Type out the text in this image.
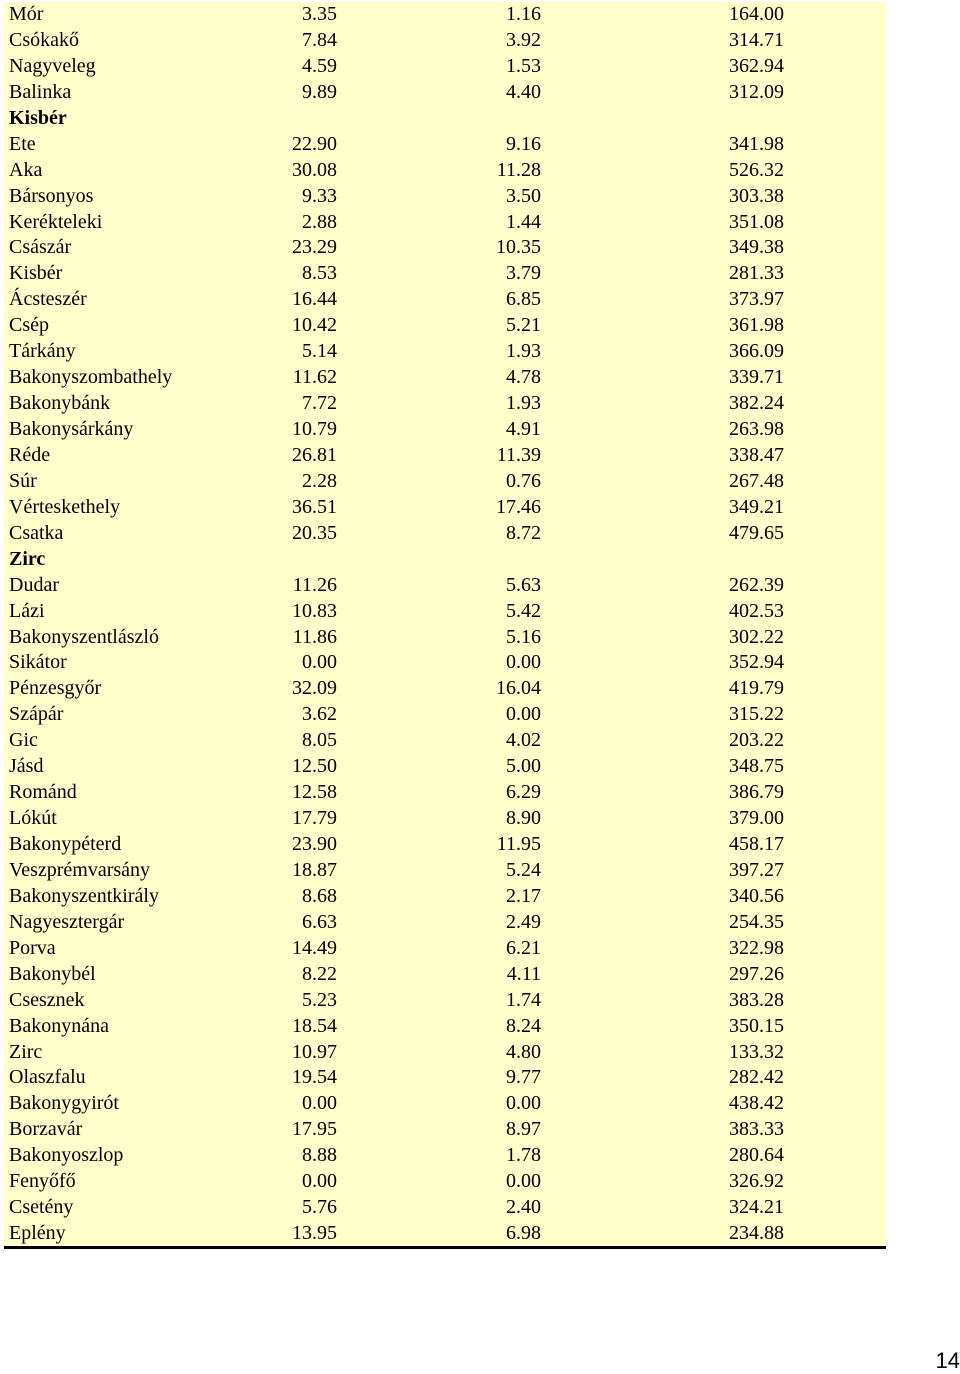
Mór	3.35	1.16	164.00
Csókakő	7.84	3.92	314.71
Nagyveleg	4.59	1.53	362.94
Balinka	9.89	4.40	312.09
Kisbér
Ete	22.90	9.16	341.98
Aka	30.08	11.28	526.32
Bársonyos	9.33	3.50	303.38
Kerékteleki	2.88	1.44	351.08
Császár	23.29	10.35	349.38
Kisbér	8.53	3.79	281.33
Ácsteszér	16.44	6.85	373.97
Csép	10.42	5.21	361.98
Tárkány	5.14	1.93	366.09
Bakonyszombathely	11.62	4.78	339.71
Bakonybánk	7.72	1.93	382.24
Bakonysárkány	10.79	4.91	263.98
Réde	26.81	11.39	338.47
Súr	2.28	0.76	267.48
Vérteskethely	36.51	17.46	349.21
Csatka	20.35	8.72	479.65
Zirc
Dudar	11.26	5.63	262.39
Lázi	10.83	5.42	402.53
Bakonyszentlászló	11.86	5.16	302.22
Sikátor	0.00	0.00	352.94
Pénzesgyőr	32.09	16.04	419.79
Szápár	3.62	0.00	315.22
Gic	8.05	4.02	203.22
Jásd	12.50	5.00	348.75
Románd	12.58	6.29	386.79
Lókút	17.79	8.90	379.00
Bakonypéterd	23.90	11.95	458.17
Veszprémvarsány	18.87	5.24	397.27
Bakonyszentkirály	8.68	2.17	340.56
Nagyesztergár	6.63	2.49	254.35
Porva	14.49	6.21	322.98
Bakonybél	8.22	4.11	297.26
Csesznek	5.23	1.74	383.28
Bakonynána	18.54	8.24	350.15
Zirc	10.97	4.80	133.32
Olaszfalu	19.54	9.77	282.42
Bakonygyirót	0.00	0.00	438.42
Borzavár	17.95	8.97	383.33
Bakonyoszlop	8.88	1.78	280.64
Fenyőfő	0.00	0.00	326.92
Csetény	5.76	2.40	324.21
Eplény	13.95	6.98	234.88
14
